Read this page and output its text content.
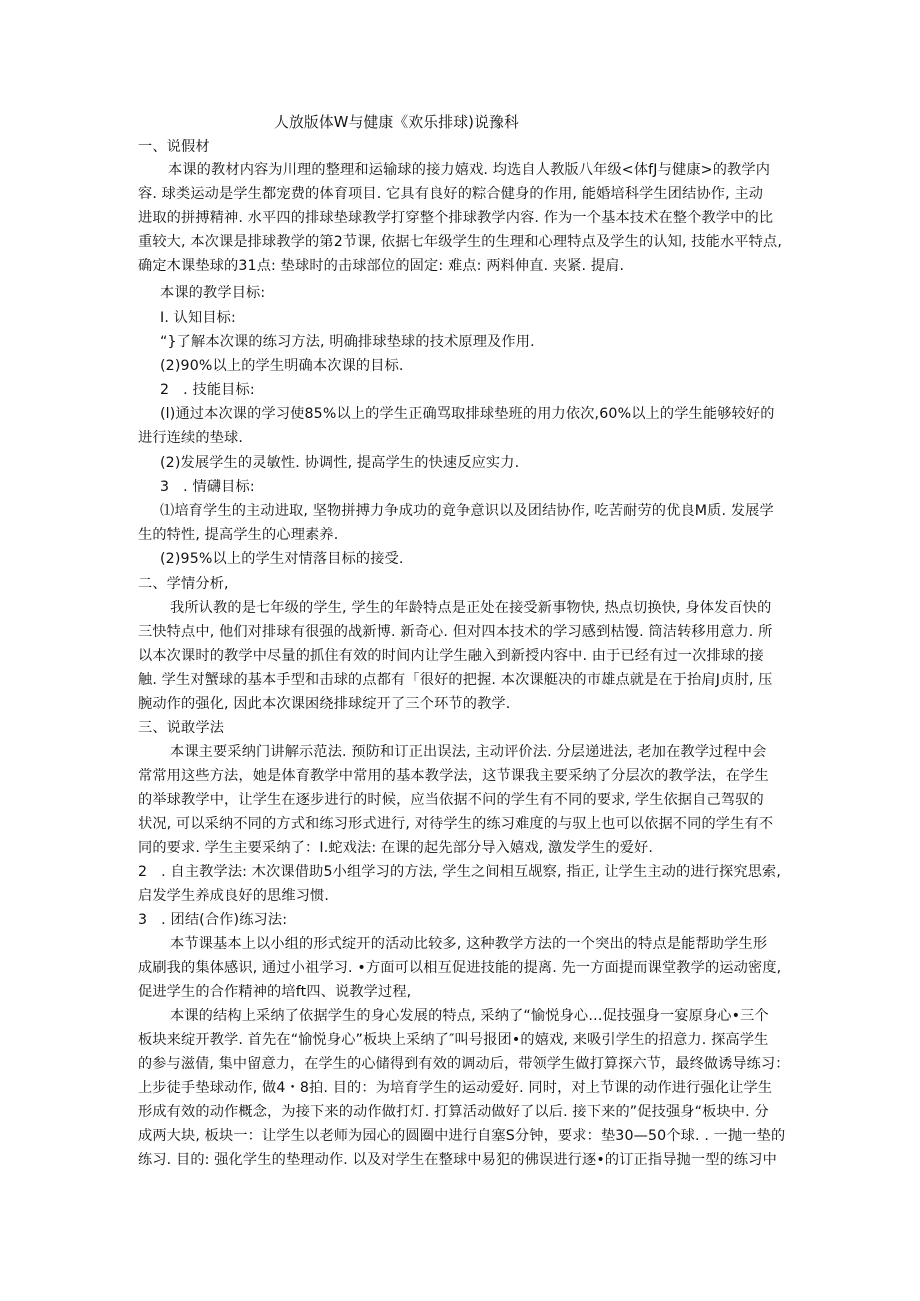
人放版体W与健康《欢乐排球)说豫科
一、说假材
本课的教材内容为川理的整理和运输球的接力嬉戏. 均选自人教版八年级<体fJ与健康>的教学内
容. 球类运动是学生都宠费的体育项目. 它具有良好的粽合健身的作用, 能婚培科学生团结协作, 主动
进取的拼搏精神. 水平四的排球垫球教学打穿整个排球教学内容. 作为一个基本技术在整个教学中的比
重较大, 本次课是排球教学的第2节课, 依据七年级学生的生理和心理特点及学生的认知, 技能水平特点,
确定木课垫球的31点: 垫球时的击球部位的固定: 难点: 两料伸直. 夹紧. 提肩.
本课的教学目标:
I. 认知目标:
“}了解本次课的练习方法, 明确排球垫球的技术原理及作用.
(2)90%以上的学生明确本次课的目标.
2   . 技能目标:
(l)通过本次课的学习使85%以上的学生正确骂取排球垫班的用力依次,60%以上的学生能够较好的
进行连续的垫球.
(2)发展学生的灵敏性. 协调性, 提高学生的快速反应实力.
3   . 情礴目标:
⑴培育学生的主动进取, 坚物拼搏力争成功的竟争意识以及团结协作, 吃苦耐劳的优良M质. 发展学
生的特性, 提高学生的心理素养.
(2)95%以上的学生对情落目标的接受.
二、学情分析,
我所认教的是七年级的学生, 学生的年龄特点是正处在接受新事物快, 热点切换快, 身体发百快的
三快特点中, 他们对排球有很强的战新博. 新奇心. 但对四本技术的学习感到枯馒. 筒洁转移用意力. 所
以本次课时的教学中尽量的抓住有效的时间内让学生融入到新授内容中. 由于已经有过一次排球的接
触. 学生对蟹球的基本手型和击球的点都有「很好的把握. 本次课艇决的市雄点就是在于抬肩J贞肘, 压
腕动作的强化, 因此本次课困绕排球绽开了三个环节的教学.
三、说敢学法
本课主要采纳门讲解示范法. 预防和订正出误法, 主动评价法. 分层递进法, 老加在教学过程中会
常常用这些方法，她是体育教学中常用的基本教学法，这节课我主要采纳了分层次的教学法，在学生
的举球教学中，让学生在逐步进行的时候，应当依据不问的学生有不同的要求, 学生依据自己驾驭的
状况, 可以采纳不同的方式和练习形式进行, 对待学生的练习难度的与驭上也可以依据不同的学生有不
同的要求. 学生主要采纳了：I.蛇戏法: 在课的起先部分导入嬉戏, 激发学生的爱好.
2   . 自主教学法: 木次课借助5小组学习的方法, 学生之间相互觇察, 指正, 让学生主动的进行探究思索,
启发学生养成良好的思维习惯.
3   . 团结(合作)练习法:
本节课基本上以小组的形式绽开的活动比较多, 这种教学方法的一个突出的特点是能帮助学生形
成刷我的集体感识, 通过小祖学习. •方面可以相互促进技能的提离. 先一方面提而课堂教学的运动密度,
促进学生的合作精神的培ft四、说教学过程,
本课的结构上采纳了依据学生的身心发展的特点, 采纳了“愉悦身心…促技强身一宴原身心•三个
板块来绽开教学. 首先在“愉悦身心”板块上采纳了″叫号报团•的嬉戏, 来吸引学生的招意力. 探高学生
的参与滋倩, 集中留意力，在学生的心储得到有效的调动后，带领学生做打算探六节，最终做诱导练习：
上步徒手垫球动作, 做4・8拍. 目的：为培育学生的运动爱好. 同时，对上节课的动作进行强化让学生
形成有效的动作概念，为接下来的动作做打灯. 打算活动做好了以后. 接下来的”促技强身“板块中. 分
成两大块, 板块一：让学生以老师为园心的圆圈中进行自塞S分钟，要求：垫30—50个球. . 一抛一垫的
练习. 目的: 强化学生的垫理动作. 以及对学生在整球中易犯的佛误进行逐•的订正指导抛一型的练习中
